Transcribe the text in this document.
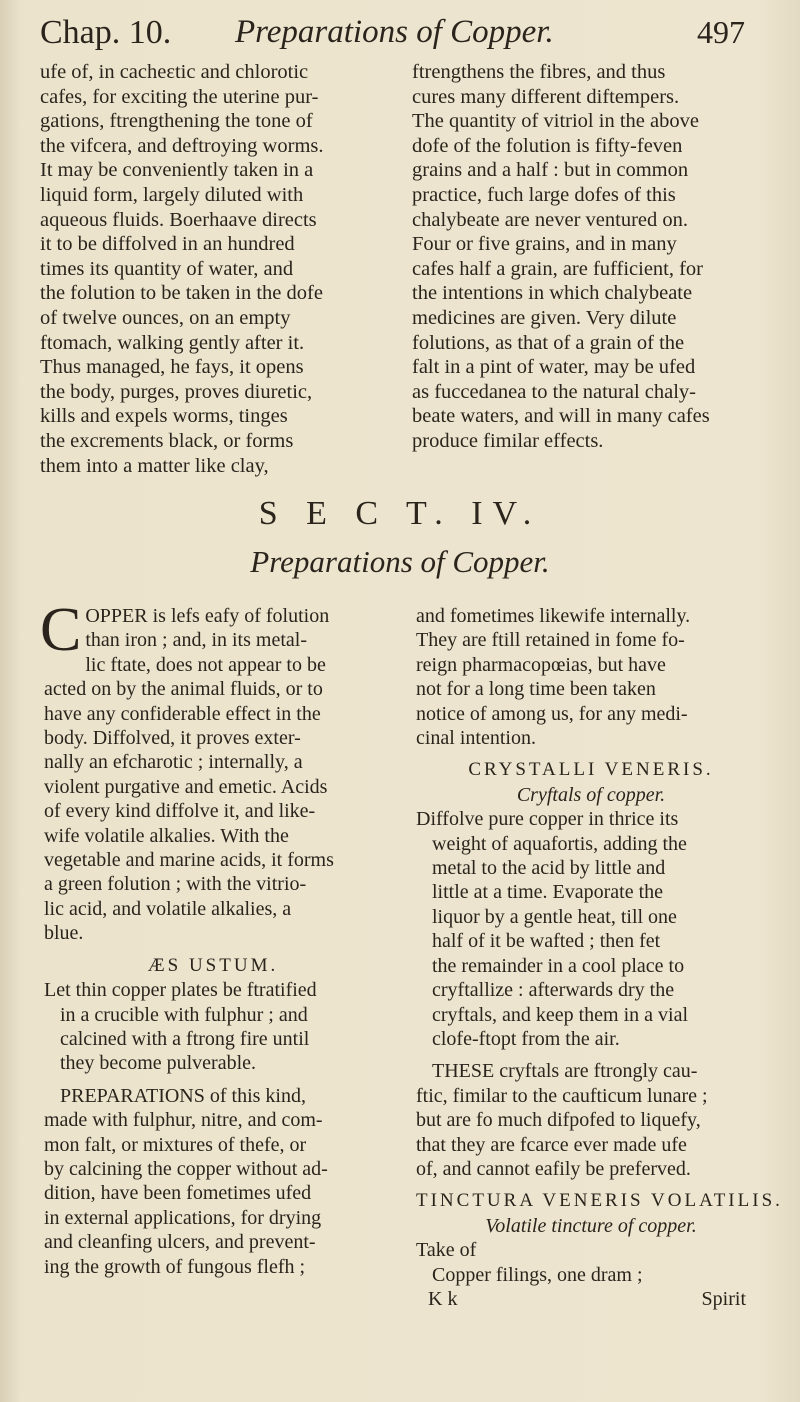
Chap. 10. Preparations of Copper.	497
ufe of, in cacheɛtic and chlorotic
cafes, for exciting the uterine pur-
gations, ftrengthening the tone of
the vifcera, and deftroying worms.
It may be conveniently taken in a
liquid form, largely diluted with
aqueous fluids. Boerhaave directs
it to be diffolved in an hundred
times its quantity of water, and
the folution to be taken in the dofe
of twelve ounces, on an empty
ftomach, walking gently after it.
Thus managed, he fays, it opens
the body, purges, proves diuretic,
kills and expels worms, tinges
the excrements black, or forms
them into a matter like clay,
ftrengthens the fibres, and thus
cures many different diftempers.
The quantity of vitriol in the above
dofe of the folution is fifty-feven
grains and a half : but in common
practice, fuch large dofes of this
chalybeate are never ventured on.
Four or five grains, and in many
cafes half a grain, are fufficient, for
the intentions in which chalybeate
medicines are given. Very dilute
folutions, as that of a grain of the
falt in a pint of water, may be ufed
as fuccedanea to the natural chaly-
beate waters, and will in many cafes
produce fimilar effects.
S E C T. IV.
Preparations of Copper.
C OPPER is lefs eafy of folution
than iron ; and, in its metal-
lic ftate, does not appear to be
acted on by the animal fluids, or to
have any confiderable effect in the
body. Diffolved, it proves exter-
nally an efcharotic ; internally, a
violent purgative and emetic. Acids
of every kind diffolve it, and like-
wife volatile alkalies. With the
vegetable and marine acids, it forms
a green folution ; with the vitrio-
lic acid, and volatile alkalies, a
blue.
ÆS USTUM.
Let thin copper plates be ftratified
in a crucible with fulphur ; and
calcined with a ftrong fire until
they become pulverable.
PREPARATIONS of this kind,
made with fulphur, nitre, and com-
mon falt, or mixtures of thefe, or
by calcining the copper without ad-
dition, have been fometimes ufed
in external applications, for drying
and cleanfing ulcers, and prevent-
ing the growth of fungous flefh ;
and fometimes likewife internally.
They are ftill retained in fome fo-
reign pharmacopœias, but have
not for a long time been taken
notice of among us, for any medi-
cinal intention.
CRYSTALLI VENERIS.
Cryftals of copper.
Diffolve pure copper in thrice its
weight of aquafortis, adding the
metal to the acid by little and
little at a time. Evaporate the
liquor by a gentle heat, till one
half of it be wafted ; then fet
the remainder in a cool place to
cryftallize : afterwards dry the
cryftals, and keep them in a vial
clofe-ftopt from the air.
THESE cryftals are ftrongly cau-
ftic, fimilar to the caufticum lunare ;
but are fo much difpofed to liquefy,
that they are fcarce ever made ufe
of, and cannot eafily be preferved.
TINCTURA VENERIS VOLATILIS.
Volatile tincture of copper.
Take of
Copper filings, one dram ;
K k	Spirit
